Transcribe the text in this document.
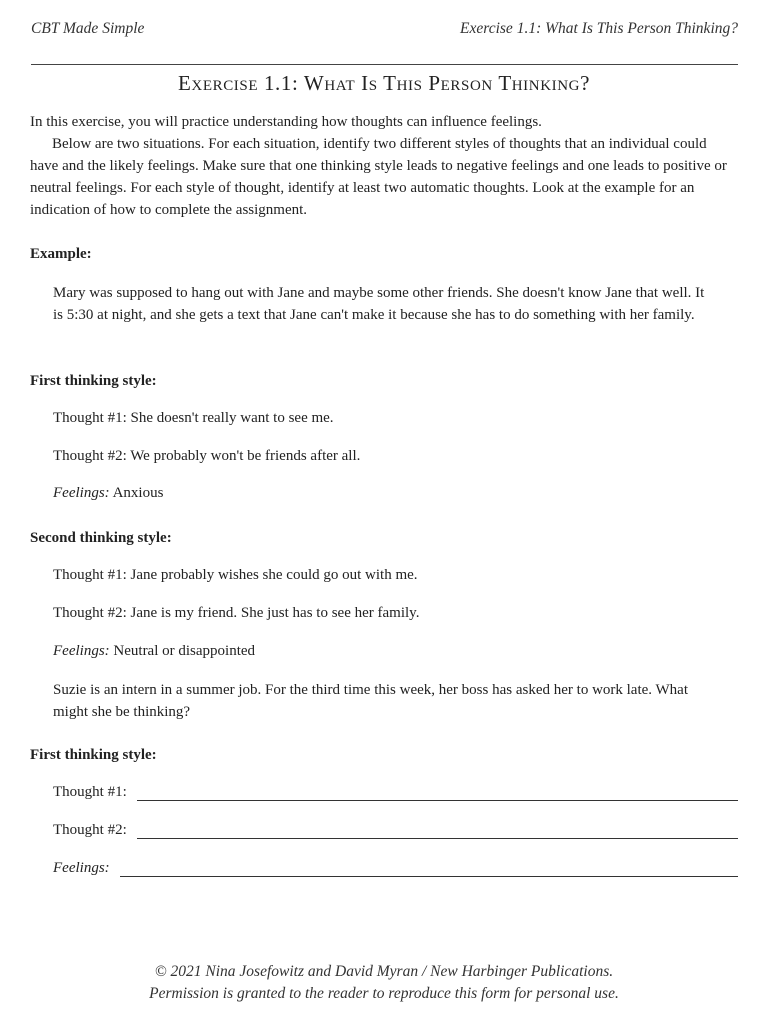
CBT Made Simple	Exercise 1.1: What Is This Person Thinking?
Exercise 1.1: What Is This Person Thinking?
In this exercise, you will practice understanding how thoughts can influence feelings.
Below are two situations. For each situation, identify two different styles of thoughts that an individual could have and the likely feelings. Make sure that one thinking style leads to negative feelings and one leads to positive or neutral feelings. For each style of thought, identify at least two automatic thoughts. Look at the example for an indication of how to complete the assignment.
Example:
Mary was supposed to hang out with Jane and maybe some other friends. She doesn't know Jane that well. It is 5:30 at night, and she gets a text that Jane can't make it because she has to do something with her family.
First thinking style:
Thought #1: She doesn't really want to see me.
Thought #2: We probably won't be friends after all.
Feelings: Anxious
Second thinking style:
Thought #1: Jane probably wishes she could go out with me.
Thought #2: Jane is my friend. She just has to see her family.
Feelings: Neutral or disappointed
Suzie is an intern in a summer job. For the third time this week, her boss has asked her to work late. What might she be thinking?
First thinking style:
Thought #1:
Thought #2:
Feelings:
© 2021 Nina Josefowitz and David Myran / New Harbinger Publications.
Permission is granted to the reader to reproduce this form for personal use.
